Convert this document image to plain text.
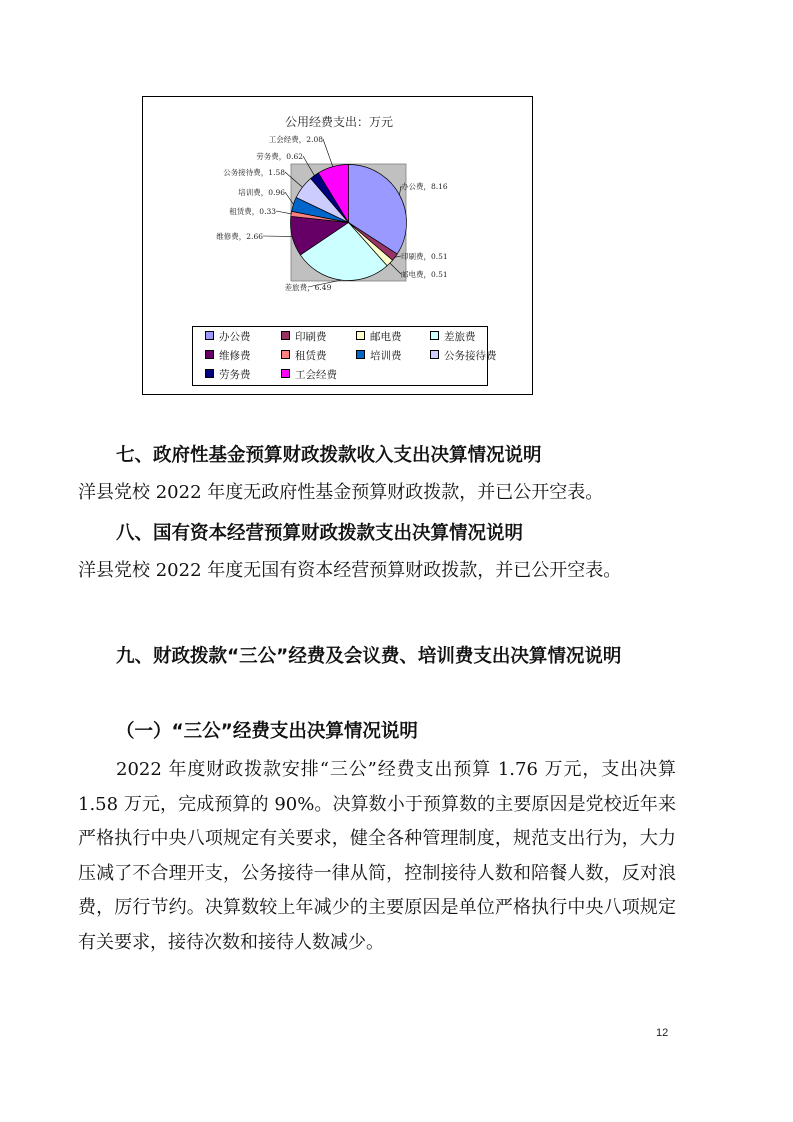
公用经费支出：万元
办公费，8.16
印刷费，0.51
邮电费，0.51
差旅费，6.49
维修费，2.66
租赁费，0.33
培训费，0.96
公务接待费，1.58
劳务费，0.62
工会经费，2.08
办公费	印刷费	邮电费	差旅费
维修费	租赁费	培训费	公务接待费
劳务费	工会经费

七、政府性基金预算财政拨款收入支出决算情况说明

洋县党校 2022 年度无政府性基金预算财政拨款，并已公开空表。

八、国有资本经营预算财政拨款支出决算情况说明

洋县党校 2022 年度无国有资本经营预算财政拨款，并已公开空表。

九、财政拨款“三公”经费及会议费、培训费支出决算情况说明

（一）“三公”经费支出决算情况说明

2022 年度财政拨款安排“三公”经费支出预算 1.76 万元，支出决算 1.58 万元，完成预算的 90%。决算数小于预算数的主要原因是党校近年来严格执行中央八项规定有关要求，健全各种管理制度，规范支出行为，大力压减了不合理开支，公务接待一律从简，控制接待人数和陪餐人数，反对浪费，厉行节约。决算数较上年减少的主要原因是单位严格执行中央八项规定有关要求，接待次数和接待人数减少。

12
